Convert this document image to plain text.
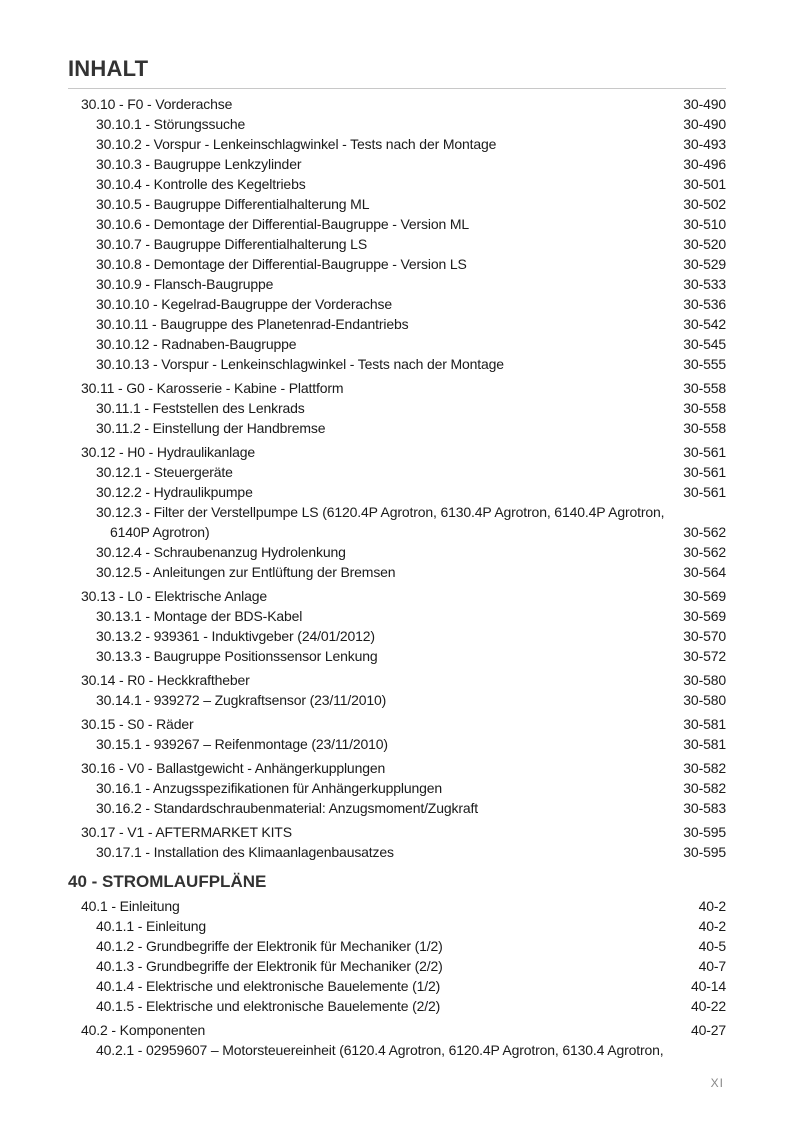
INHALT
30.10 - F0 - Vorderachse	30-490
30.10.1 - Störungssuche	30-490
30.10.2 - Vorspur - Lenkeinschlagwinkel - Tests nach der Montage	30-493
30.10.3 - Baugruppe Lenkzylinder	30-496
30.10.4 - Kontrolle des Kegeltriebs	30-501
30.10.5 - Baugruppe Differentialhalterung ML	30-502
30.10.6 - Demontage der Differential-Baugruppe - Version ML	30-510
30.10.7 - Baugruppe Differentialhalterung LS	30-520
30.10.8 - Demontage der Differential-Baugruppe - Version LS	30-529
30.10.9 - Flansch-Baugruppe	30-533
30.10.10 - Kegelrad-Baugruppe der Vorderachse	30-536
30.10.11 - Baugruppe des Planetenrad-Endantriebs	30-542
30.10.12 - Radnaben-Baugruppe	30-545
30.10.13 - Vorspur - Lenkeinschlagwinkel - Tests nach der Montage	30-555
30.11 - G0 - Karosserie - Kabine - Plattform	30-558
30.11.1 - Feststellen des Lenkrads	30-558
30.11.2 - Einstellung der Handbremse	30-558
30.12 - H0 - Hydraulikanlage	30-561
30.12.1 - Steuergeräte	30-561
30.12.2 - Hydraulikpumpe	30-561
30.12.3 - Filter der Verstellpumpe LS (6120.4P Agrotron, 6130.4P Agrotron, 6140.4P Agrotron,
6140P Agrotron)	30-562
30.12.4 - Schraubenanzug Hydrolenkung	30-562
30.12.5 - Anleitungen zur Entlüftung der Bremsen	30-564
30.13 - L0 - Elektrische Anlage	30-569
30.13.1 - Montage der BDS-Kabel	30-569
30.13.2 - 939361 - Induktivgeber (24/01/2012)	30-570
30.13.3 - Baugruppe Positionssensor Lenkung	30-572
30.14 - R0 - Heckkraftheber	30-580
30.14.1 - 939272 – Zugkraftsensor (23/11/2010)	30-580
30.15 - S0 - Räder	30-581
30.15.1 - 939267 – Reifenmontage (23/11/2010)	30-581
30.16 - V0 - Ballastgewicht - Anhängerkupplungen	30-582
30.16.1 - Anzugsspezifikationen für Anhängerkupplungen	30-582
30.16.2 - Standardschraubenmaterial: Anzugsmoment/Zugkraft	30-583
30.17 - V1 - AFTERMARKET KITS	30-595
30.17.1 - Installation des Klimaanlagenbausatzes	30-595
40 - STROMLAUFPLÄNE
40.1 - Einleitung	40-2
40.1.1 - Einleitung	40-2
40.1.2 - Grundbegriffe der Elektronik für Mechaniker (1/2)	40-5
40.1.3 - Grundbegriffe der Elektronik für Mechaniker (2/2)	40-7
40.1.4 - Elektrische und elektronische Bauelemente (1/2)	40-14
40.1.5 - Elektrische und elektronische Bauelemente (2/2)	40-22
40.2 - Komponenten	40-27
40.2.1 - 02959607 – Motorsteuereinheit (6120.4 Agrotron, 6120.4P Agrotron, 6130.4 Agrotron,
XI
